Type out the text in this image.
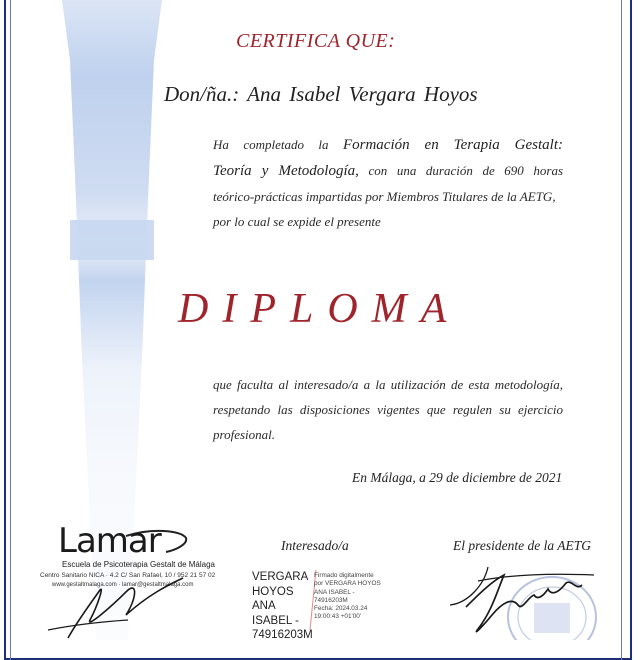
CERTIFICA QUE:
Don/ña.: Ana Isabel Vergara Hoyos
Ha completado la Formación en Terapia Gestalt:
Teoría y Metodología, con una duración de 690 horas
teórico-prácticas impartidas por Miembros Titulares de la AETG,
por lo cual se expide el presente
DIPLOMA
que faculta al interesado/a a la utilización de esta metodología,
respetando las disposiciones vigentes que regulen su ejercicio
profesional.
En Málaga, a 29 de diciembre de 2021
Lamar
Escuela de Psicoterapia Gestalt de Málaga
Centro Sanitario NICA · 4.2 C/ San Rafael, 10 / 952 21 57 02
www.gestaltmalaga.com · lamar@gestaltmalaga.com
Interesado/a
VERGARA
HOYOS ANA
ISABEL -
74916203M
Firmado digitalmente
por VERGARA HOYOS
ANA ISABEL -
74916203M
Fecha: 2024.03.24
19:00:43 +01'00'
El presidente de la AETG
